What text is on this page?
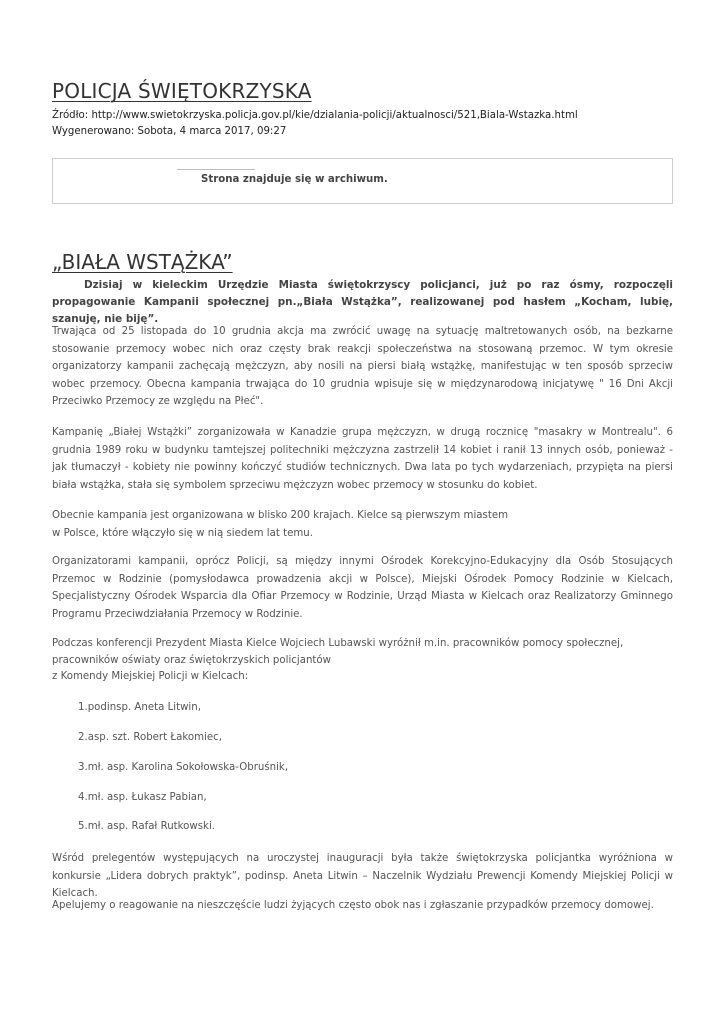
POLICJA ŚWIĘTOKRZYSKA
Źródło: http://www.swietokrzyska.policja.gov.pl/kie/dzialania-policji/aktualnosci/521,Biala-Wstazka.html
Wygenerowano: Sobota, 4 marca 2017, 09:27
Strona znajduje się w archiwum.
„BIAŁA WSTĄŻKA”

Dzisiaj w kieleckim Urzędzie Miasta świętokrzyscy policjanci, już po raz ósmy, rozpoczęli propagowanie Kampanii społecznej pn.„Biała Wstążka”, realizowanej pod hasłem „Kocham, lubię, szanuję, nie biję”.

Trwająca od 25 listopada do 10 grudnia akcja ma zwrócić uwagę na sytuację maltretowanych osób, na bezkarne stosowanie przemocy wobec nich oraz częsty brak reakcji społeczeństwa na stosowaną przemoc. W tym okresie organizatorzy kampanii zachęcają mężczyzn, aby nosili na piersi białą wstążkę, manifestując w ten sposób sprzeciw wobec przemocy. Obecna kampania trwająca do 10 grudnia wpisuje się w międzynarodową inicjatywę " 16 Dni Akcji Przeciwko Przemocy ze względu na Płeć".

Kampanię „Białej Wstążki” zorganizowała w Kanadzie grupa mężczyzn, w drugą rocznicę "masakry w Montrealu". 6 grudnia 1989 roku w budynku tamtejszej politechniki mężczyzna zastrzelił 14 kobiet i ranił 13 innych osób, ponieważ - jak tłumaczył - kobiety nie powinny kończyć studiów technicznych. Dwa lata po tych wydarzeniach, przypięta na piersi biała wstążka, stała się symbolem sprzeciwu mężczyzn wobec przemocy w stosunku do kobiet.

Obecnie kampania jest organizowana w blisko 200 krajach. Kielce są pierwszym miastem
w Polsce, które włączyło się w nią siedem lat temu.

Organizatorami kampanii, oprócz Policji, są między innymi Ośrodek Korekcyjno-Edukacyjny dla Osób Stosujących Przemoc w Rodzinie (pomysłodawca prowadzenia akcji w Polsce), Miejski Ośrodek Pomocy Rodzinie w Kielcach, Specjalistyczny Ośrodek Wsparcia dla Ofiar Przemocy w Rodzinie, Urząd Miasta w Kielcach oraz Realizatorzy Gminnego Programu Przeciwdziałania Przemocy w Rodzinie.

Podczas konferencji Prezydent Miasta Kielce Wojciech Lubawski wyróżnił m.in. pracowników pomocy społecznej,
pracowników oświaty oraz świętokrzyskich policjantów
z Komendy Miejskiej Policji w Kielcach:
1.podinsp. Aneta Litwin,
2.asp. szt. Robert Łakomiec,
3.mł. asp. Karolina Sokołowska-Obruśnik,
4.mł. asp. Łukasz Pabian,
5.mł. asp. Rafał Rutkowski.

Wśród prelegentów występujących na uroczystej inauguracji była także świętokrzyska policjantka wyróżniona w konkursie „Lidera dobrych praktyk”, podinsp. Aneta Litwin – Naczelnik Wydziału Prewencji Komendy Miejskiej Policji w Kielcach.

Apelujemy o reagowanie na nieszczęście ludzi żyjących często obok nas i zgłaszanie przypadków przemocy domowej.
